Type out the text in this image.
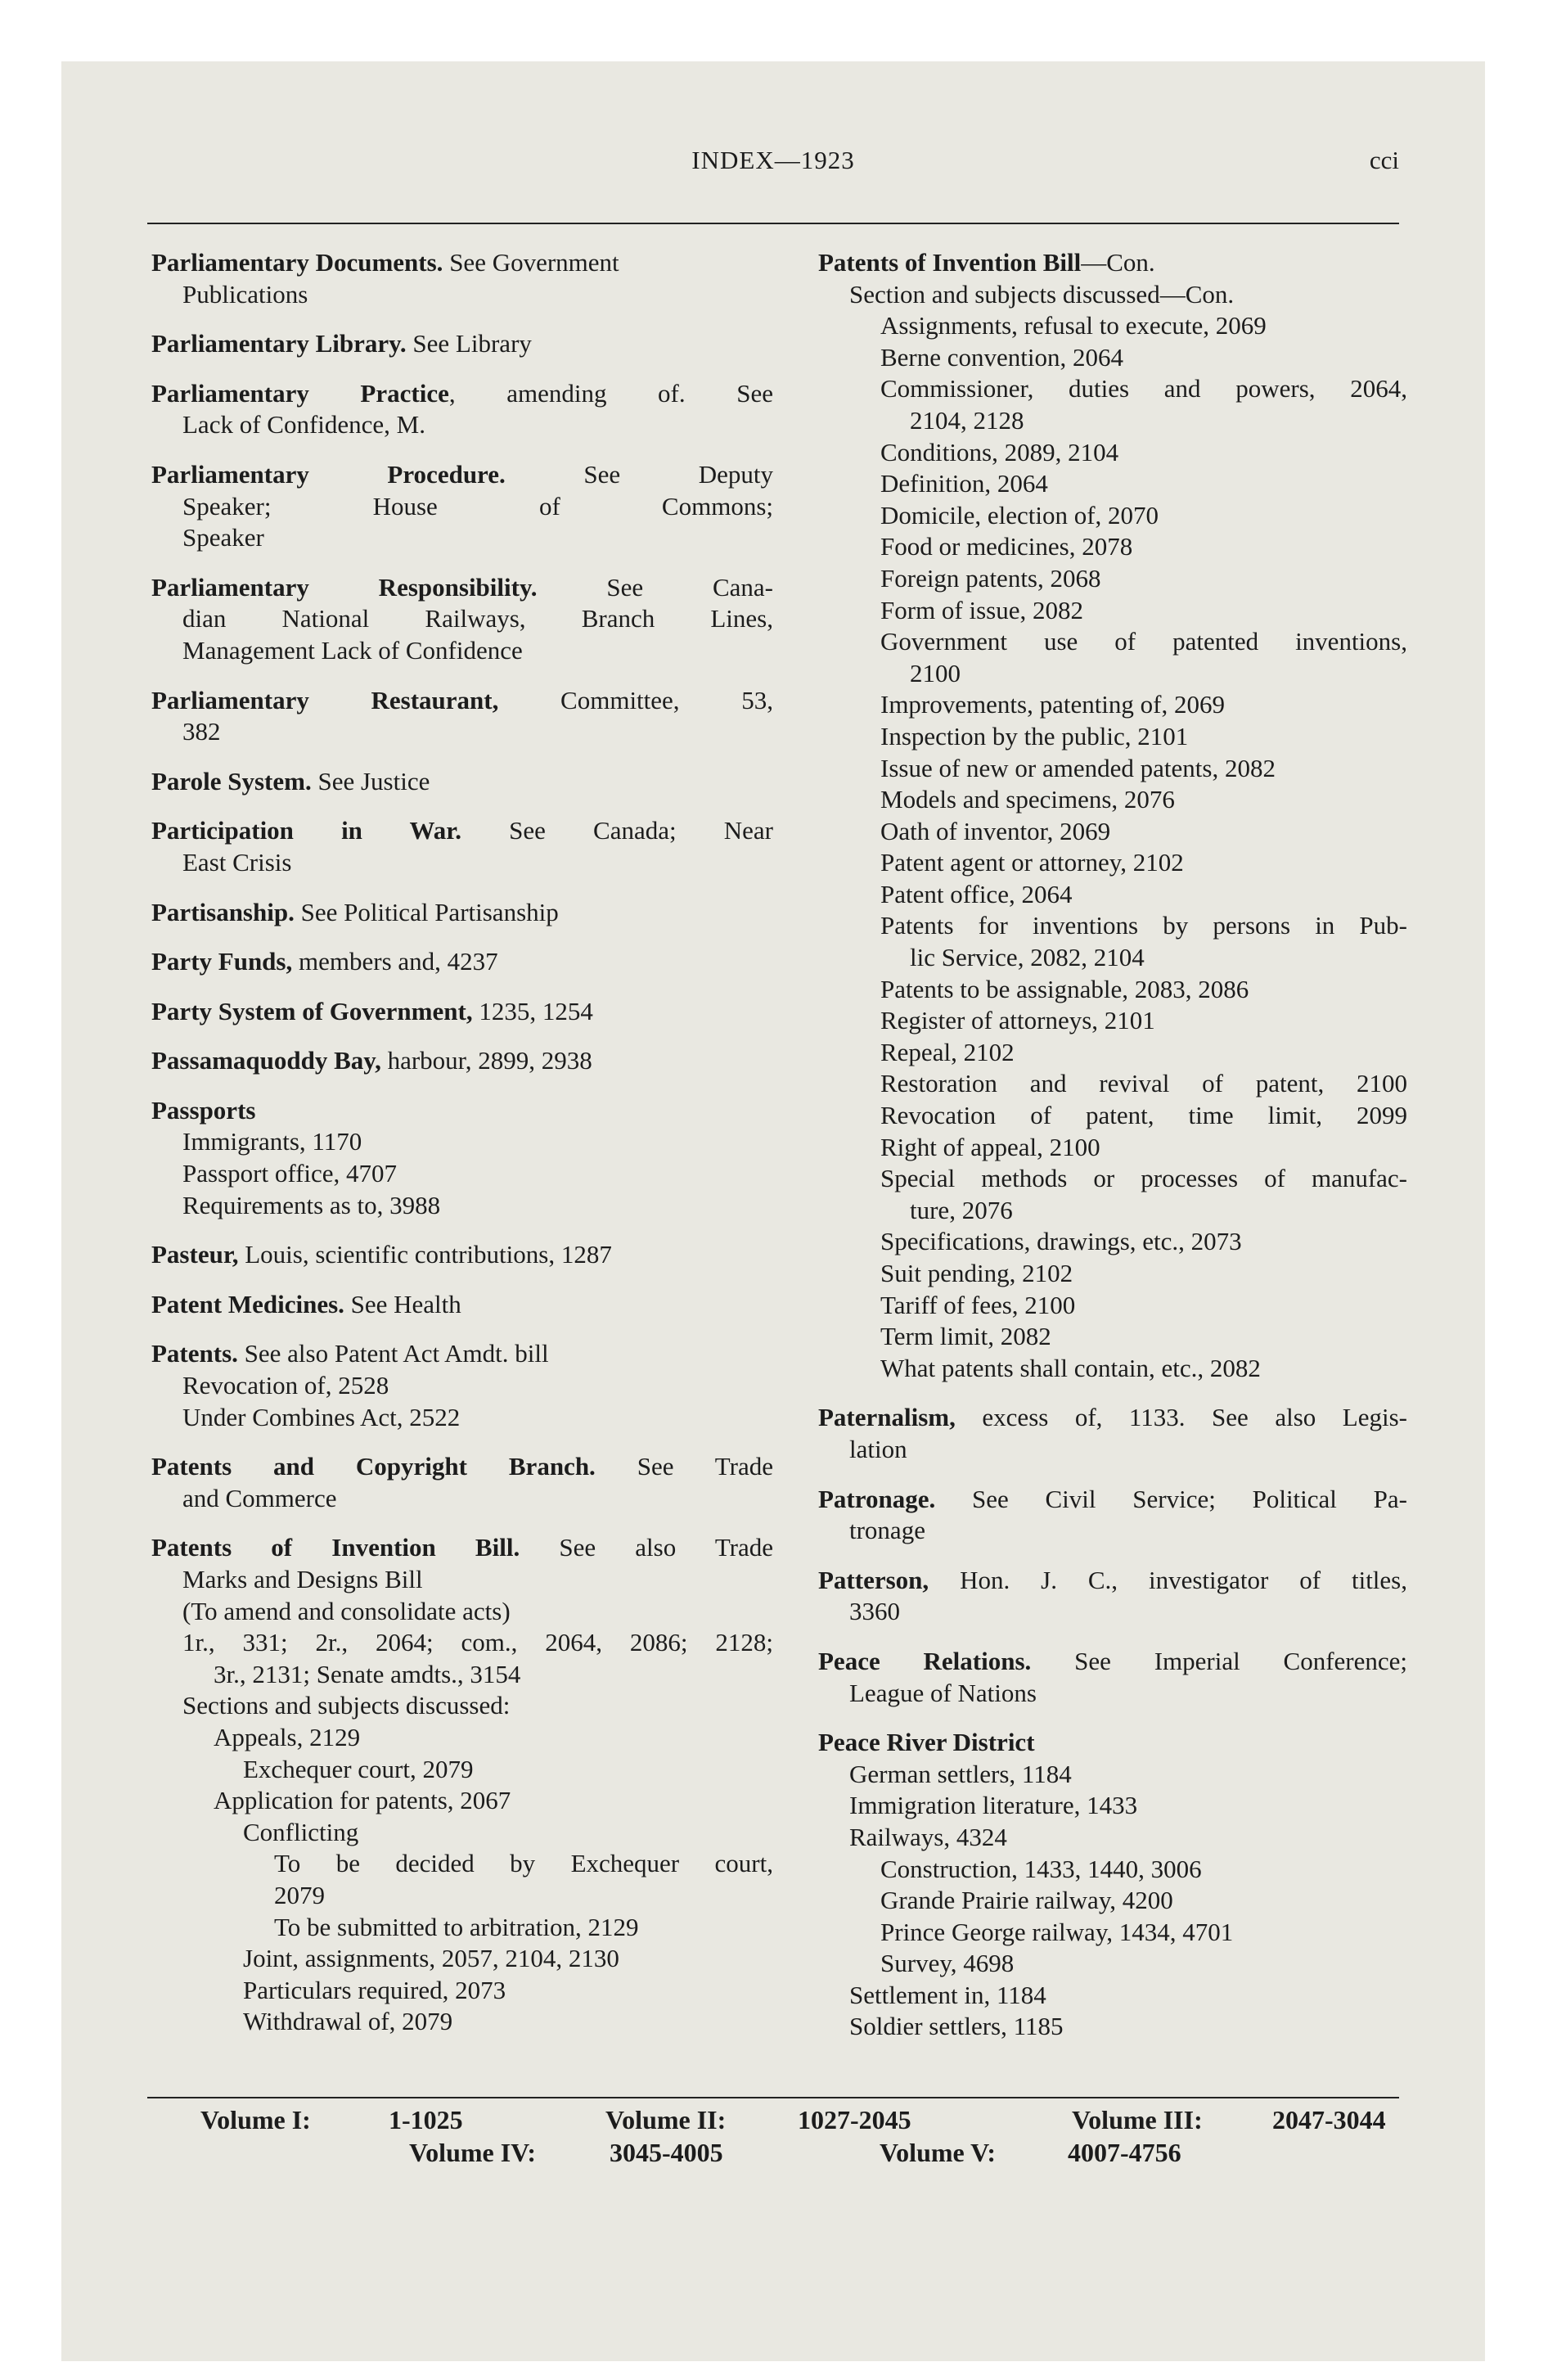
INDEX—1923	cci
Parliamentary Documents. See Government
Publications
Parliamentary Library. See Library
Parliamentary Practice, amending of. See
Lack of Confidence, M.
Parliamentary Procedure. See Deputy
Speaker; House of Commons;
Speaker
Parliamentary Responsibility. See Cana-
dian National Railways, Branch Lines,
Management Lack of Confidence
Parliamentary Restaurant, Committee, 53,
382
Parole System. See Justice
Participation in War. See Canada; Near
East Crisis
Partisanship. See Political Partisanship
Party Funds, members and, 4237
Party System of Government, 1235, 1254
Passamaquoddy Bay, harbour, 2899, 2938
Passports
Immigrants, 1170
Passport office, 4707
Requirements as to, 3988
Pasteur, Louis, scientific contributions, 1287
Patent Medicines. See Health
Patents. See also Patent Act Amdt. bill
Revocation of, 2528
Under Combines Act, 2522
Patents and Copyright Branch. See Trade
and Commerce
Patents of Invention Bill. See also Trade
Marks and Designs Bill
(To amend and consolidate acts)
1r., 331; 2r., 2064; com., 2064, 2086; 2128;
3r., 2131; Senate amdts., 3154
Sections and subjects discussed:
Appeals, 2129
Exchequer court, 2079
Application for patents, 2067
Conflicting
To be decided by Exchequer court,
2079
To be submitted to arbitration, 2129
Joint, assignments, 2057, 2104, 2130
Particulars required, 2073
Withdrawal of, 2079
Patents of Invention Bill—Con.
Section and subjects discussed—Con.
Assignments, refusal to execute, 2069
Berne convention, 2064
Commissioner, duties and powers, 2064,
2104, 2128
Conditions, 2089, 2104
Definition, 2064
Domicile, election of, 2070
Food or medicines, 2078
Foreign patents, 2068
Form of issue, 2082
Government use of patented inventions,
2100
Improvements, patenting of, 2069
Inspection by the public, 2101
Issue of new or amended patents, 2082
Models and specimens, 2076
Oath of inventor, 2069
Patent agent or attorney, 2102
Patent office, 2064
Patents for inventions by persons in Pub-
lic Service, 2082, 2104
Patents to be assignable, 2083, 2086
Register of attorneys, 2101
Repeal, 2102
Restoration and revival of patent, 2100
Revocation of patent, time limit, 2099
Right of appeal, 2100
Special methods or processes of manufac-
ture, 2076
Specifications, drawings, etc., 2073
Suit pending, 2102
Tariff of fees, 2100
Term limit, 2082
What patents shall contain, etc., 2082
Paternalism, excess of, 1133. See also Legis-
lation
Patronage. See Civil Service; Political Pa-
tronage
Patterson, Hon. J. C., investigator of titles,
3360
Peace Relations. See Imperial Conference;
League of Nations
Peace River District
German settlers, 1184
Immigration literature, 1433
Railways, 4324
Construction, 1433, 1440, 3006
Grande Prairie railway, 4200
Prince George railway, 1434, 4701
Survey, 4698
Settlement in, 1184
Soldier settlers, 1185
Volume I:	1-1025	Volume II:	1027-2045	Volume III:	2047-3044
Volume IV:	3045-4005	Volume V:	4007-4756
